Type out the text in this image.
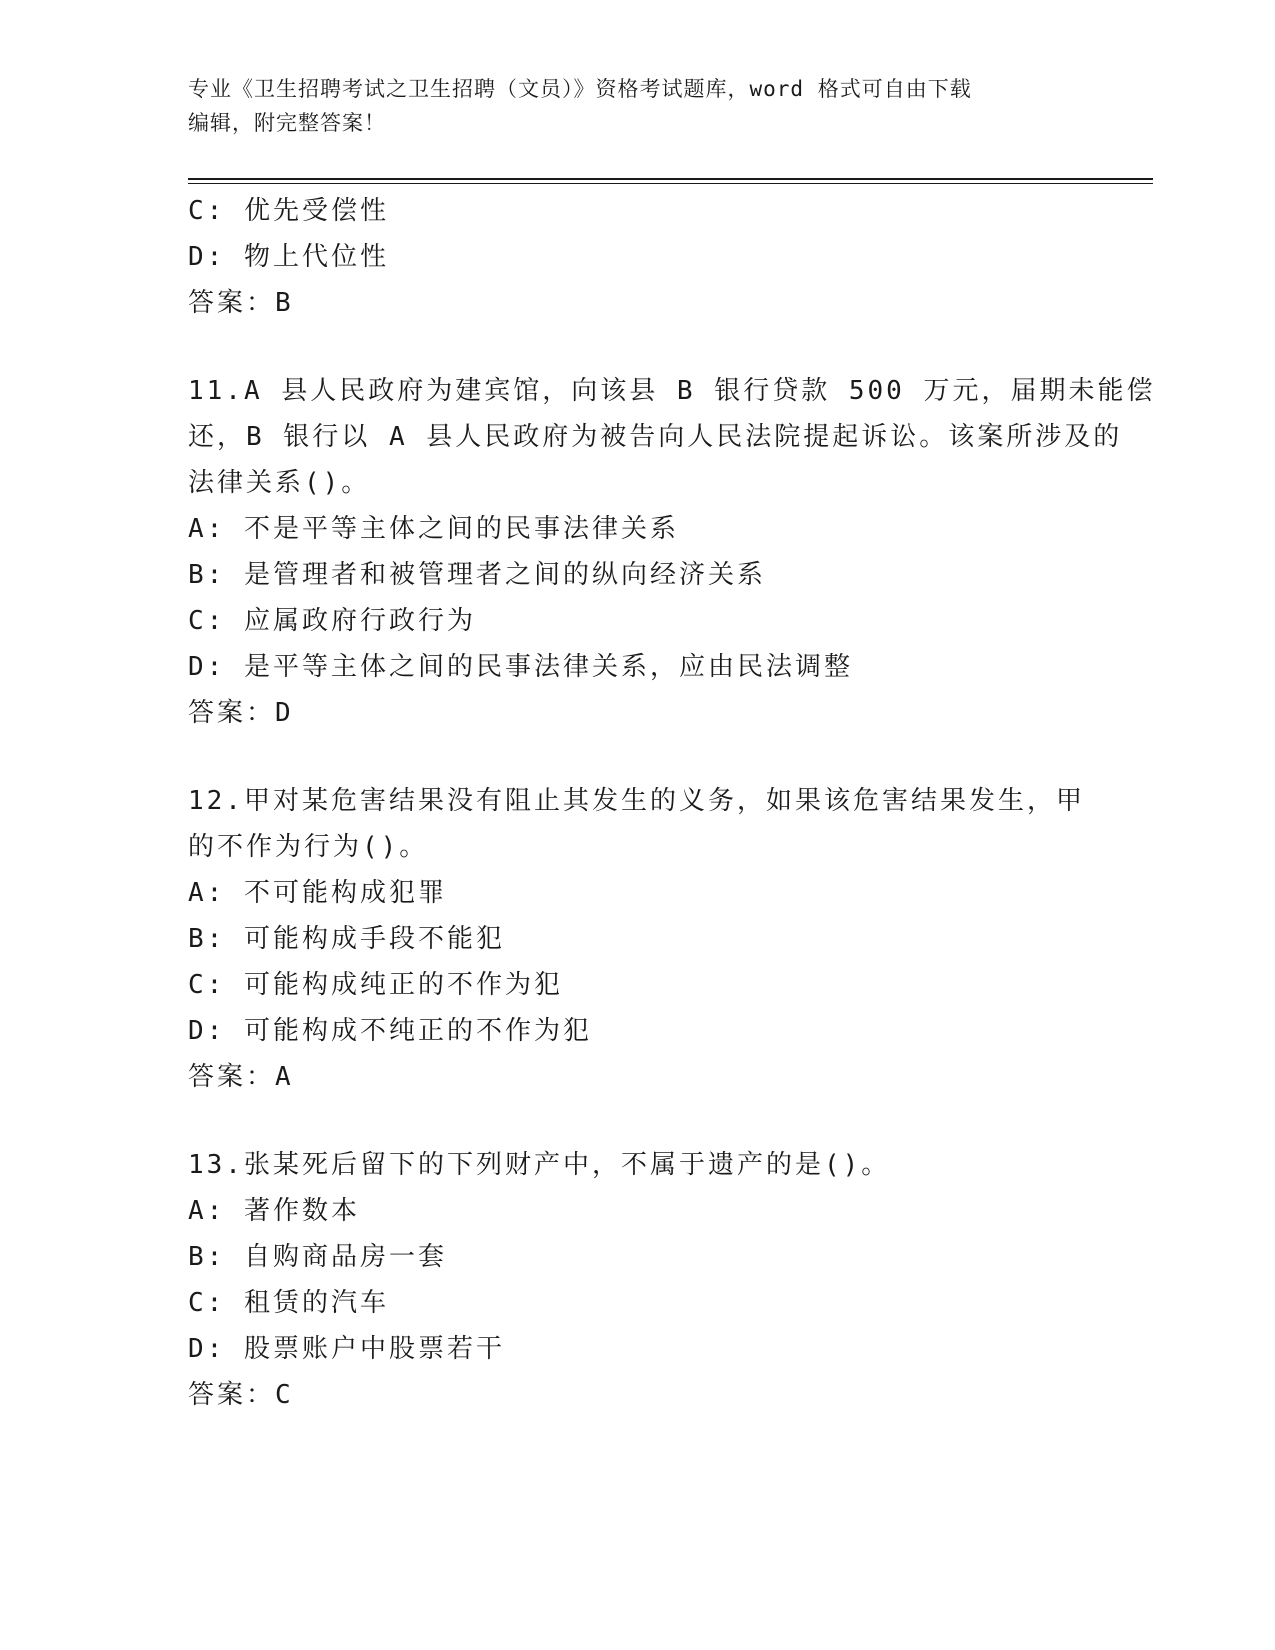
专业《卫生招聘考试之卫生招聘（文员）》资格考试题库，word 格式可自由下载
编辑，附完整答案！
C: 优先受偿性
D: 物上代位性
答案：B
11.A 县人民政府为建宾馆，向该县 B 银行贷款 500 万元，届期未能偿
还，B 银行以 A 县人民政府为被告向人民法院提起诉讼。该案所涉及的
法律关系()。
A: 不是平等主体之间的民事法律关系
B: 是管理者和被管理者之间的纵向经济关系
C: 应属政府行政行为
D: 是平等主体之间的民事法律关系，应由民法调整
答案：D
12.甲对某危害结果没有阻止其发生的义务，如果该危害结果发生，甲
的不作为行为()。
A: 不可能构成犯罪
B: 可能构成手段不能犯
C: 可能构成纯正的不作为犯
D: 可能构成不纯正的不作为犯
答案：A
13.张某死后留下的下列财产中，不属于遗产的是()。
A: 著作数本
B: 自购商品房一套
C: 租赁的汽车
D: 股票账户中股票若干
答案：C
